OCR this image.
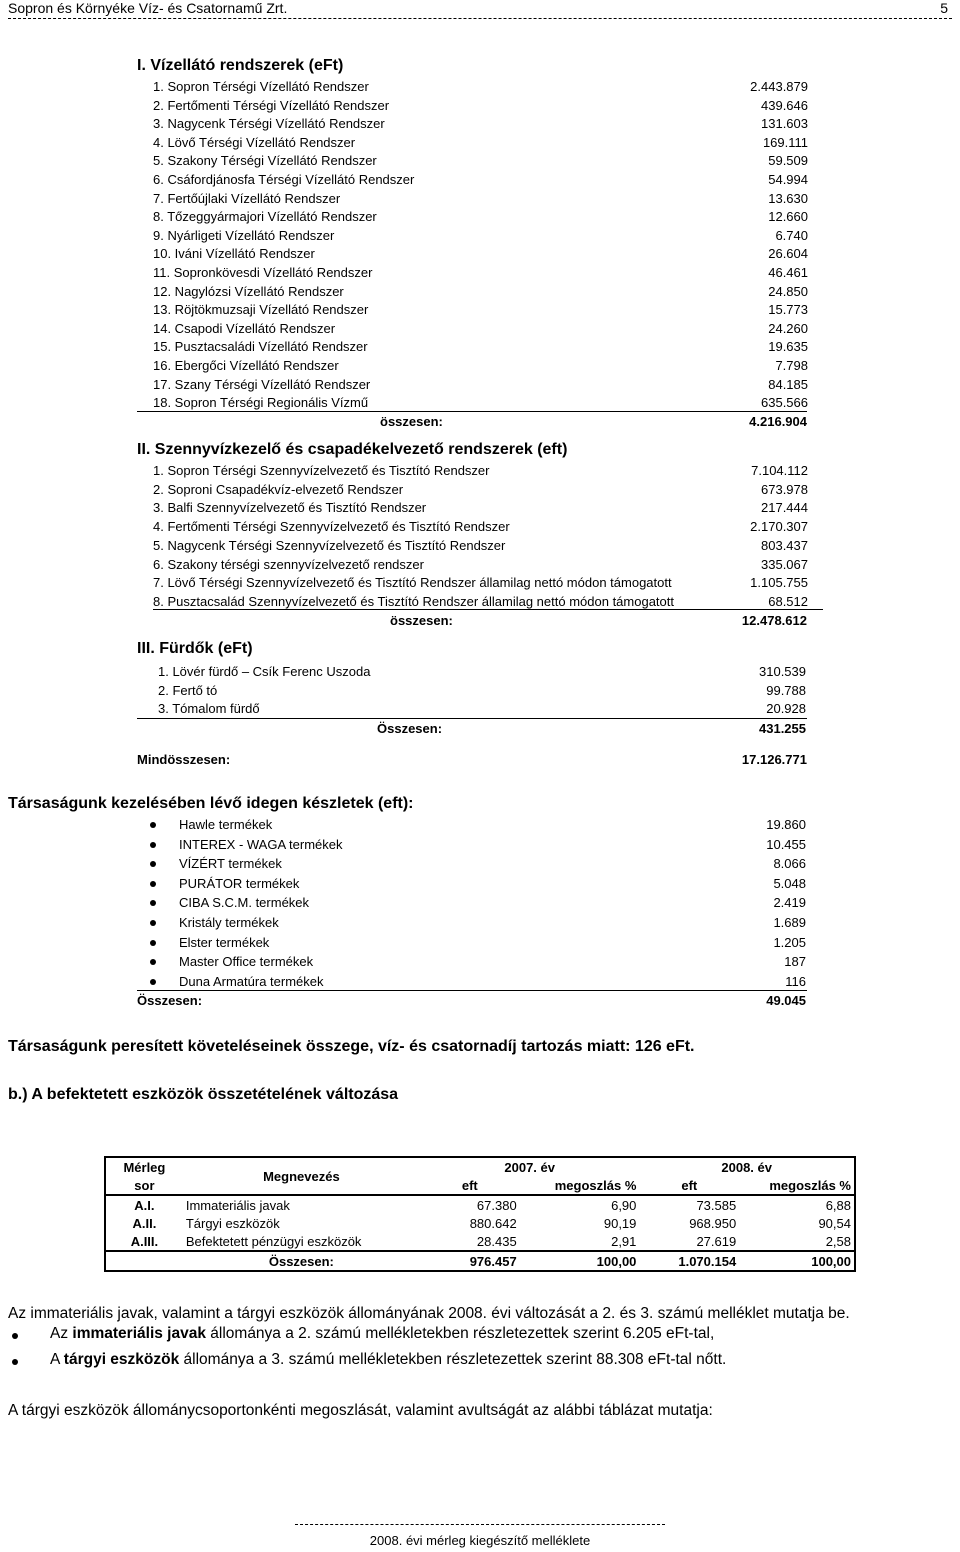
Sopron és Környéke Víz- és Csatornamű Zrt.	5
I. Vízellátó rendszerek (eFt)
1. Sopron Térségi Vízellátó Rendszer	2.443.879
2. Fertőmenti Térségi Vízellátó Rendszer	439.646
3. Nagycenk Térségi Vízellátó Rendszer	131.603
4. Lövő Térségi Vízellátó Rendszer	169.111
5. Szakony Térségi Vízellátó Rendszer	59.509
6. Csáfordjánosfa Térségi Vízellátó Rendszer	54.994
7. Fertőújlaki Vízellátó Rendszer	13.630
8. Tőzeggyármajori Vízellátó Rendszer	12.660
9. Nyárligeti Vízellátó Rendszer	6.740
10. Iváni Vízellátó Rendszer	26.604
11. Sopronkövesdi Vízellátó Rendszer	46.461
12. Nagylózsi Vízellátó Rendszer	24.850
13. Röjtökmuzsaji Vízellátó Rendszer	15.773
14. Csapodi Vízellátó Rendszer	24.260
15. Pusztacsaládi Vízellátó Rendszer	19.635
16. Ebergőci Vízellátó Rendszer	7.798
17. Szany Térségi Vízellátó Rendszer	84.185
18. Sopron Térségi Regionális Vízmű	635.566
összesen:	4.216.904
II. Szennyvízkezelő és csapadékelvezető rendszerek (eft)
1. Sopron Térségi Szennyvízelvezető és Tisztító Rendszer	7.104.112
2. Soproni Csapadékvíz-elvezető Rendszer	673.978
3. Balfi Szennyvízelvezető és Tisztító Rendszer	217.444
4. Fertőmenti Térségi Szennyvízelvezető és Tisztító Rendszer	2.170.307
5. Nagycenk Térségi Szennyvízelvezető és Tisztító Rendszer	803.437
6. Szakony térségi szennyvízelvezető rendszer	335.067
7. Lövő Térségi Szennyvízelvezető és Tisztító Rendszer államilag nettó módon támogatott	1.105.755
8. Pusztacsalád Szennyvízelvezető és Tisztító Rendszer államilag nettó módon támogatott	68.512
összesen:	12.478.612
III. Fürdők (eFt)
1. Lövér fürdő – Csík Ferenc Uszoda	310.539
2. Fertő tó	99.788
3. Tómalom fürdő	20.928
Összesen:	431.255
Mindösszesen:	17.126.771
Társaságunk kezelésében lévő idegen készletek (eft):
Hawle termékek	19.860
INTEREX - WAGA termékek	10.455
VÍZÉRT termékek	8.066
PURÁTOR termékek	5.048
CIBA S.C.M. termékek	2.419
Kristály termékek	1.689
Elster termékek	1.205
Master Office termékek	187
Duna Armatúra termékek	116
Összesen:	49.045
Társaságunk peresített követeléseinek összege, víz- és csatornadíj tartozás miatt: 126 eFt.
b.) A befektetett eszközök összetételének változása
Mérleg	Megnevezés	2007. év		2008. év	
sor		eft	megoszlás %	eft	megoszlás %
A.I.	Immateriális javak	67.380	6,90	73.585	6,88
A.II.	Tárgyi eszközök	880.642	90,19	968.950	90,54
A.III.	Befektetett pénzügyi eszközök	28.435	2,91	27.619	2,58
	Összesen:	976.457	100,00	1.070.154	100,00
Az immateriális javak, valamint a tárgyi eszközök állományának 2008. évi változását a 2. és 3. számú melléklet mutatja be.
Az immateriális javak állománya a 2. számú mellékletekben részletezettek szerint 6.205 eFt-tal,
A tárgyi eszközök állománya a 3. számú mellékletekben részletezettek szerint 88.308 eFt-tal nőtt.
A tárgyi eszközök állománycsoportonkénti megoszlását, valamint avultságát az alábbi táblázat mutatja:
2008. évi mérleg kiegészítő melléklete
